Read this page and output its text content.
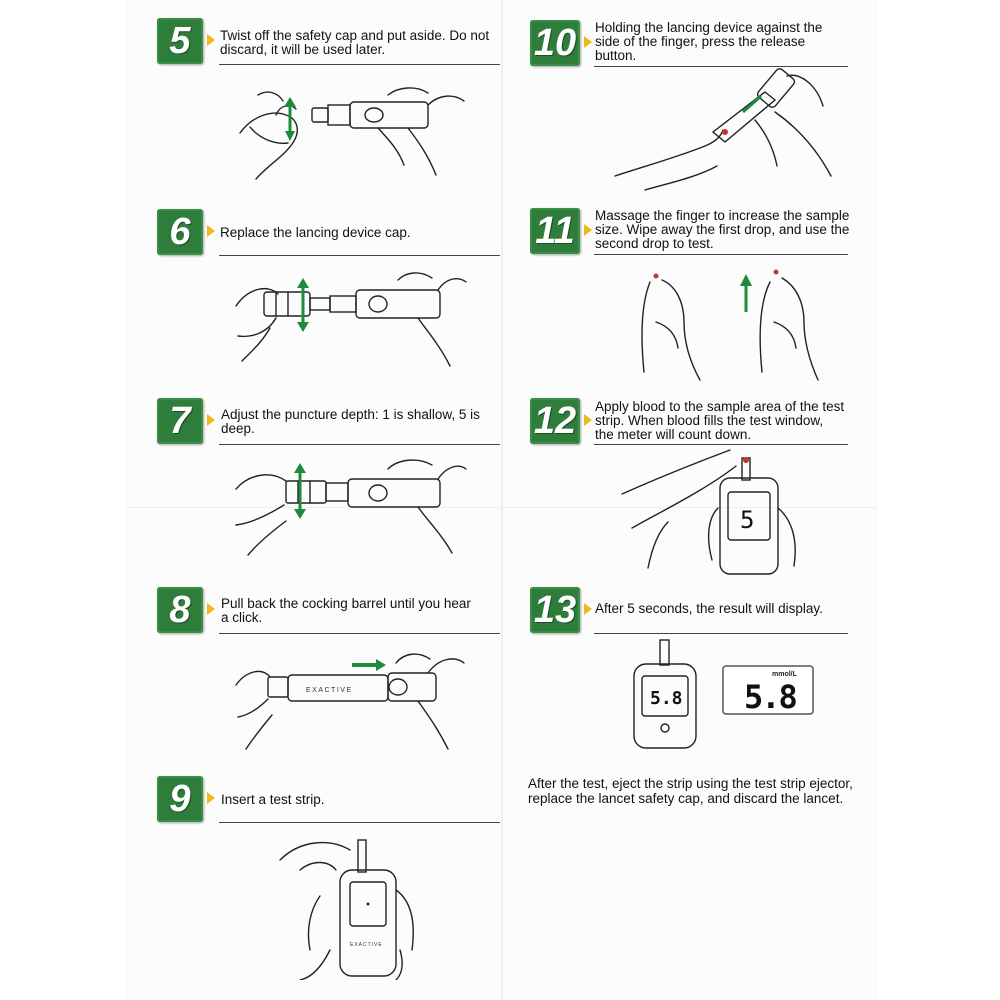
5	Twist off the safety cap and put aside. Do not discard, it will be used later.
6	Replace the lancing device cap.
7	Adjust the puncture depth: 1 is shallow, 5 is deep.
8	Pull back the cocking barrel until you hear a click.
EXACTIVE
9	Insert a test strip.
EXACTIVE
10 Holding the lancing device against the side of the finger, press the release button.
11	Massage the finger to increase the sample size. Wipe away the first drop, and use the second drop to test.
12 Apply blood to the sample area of the test strip. When blood fills the test window, the meter will count down.
5
13 After 5 seconds, the result will display.
5.8
mmol/L
5.8
After the test, eject the strip using the test strip ejector, replace the lancet safety cap, and discard the lancet.
